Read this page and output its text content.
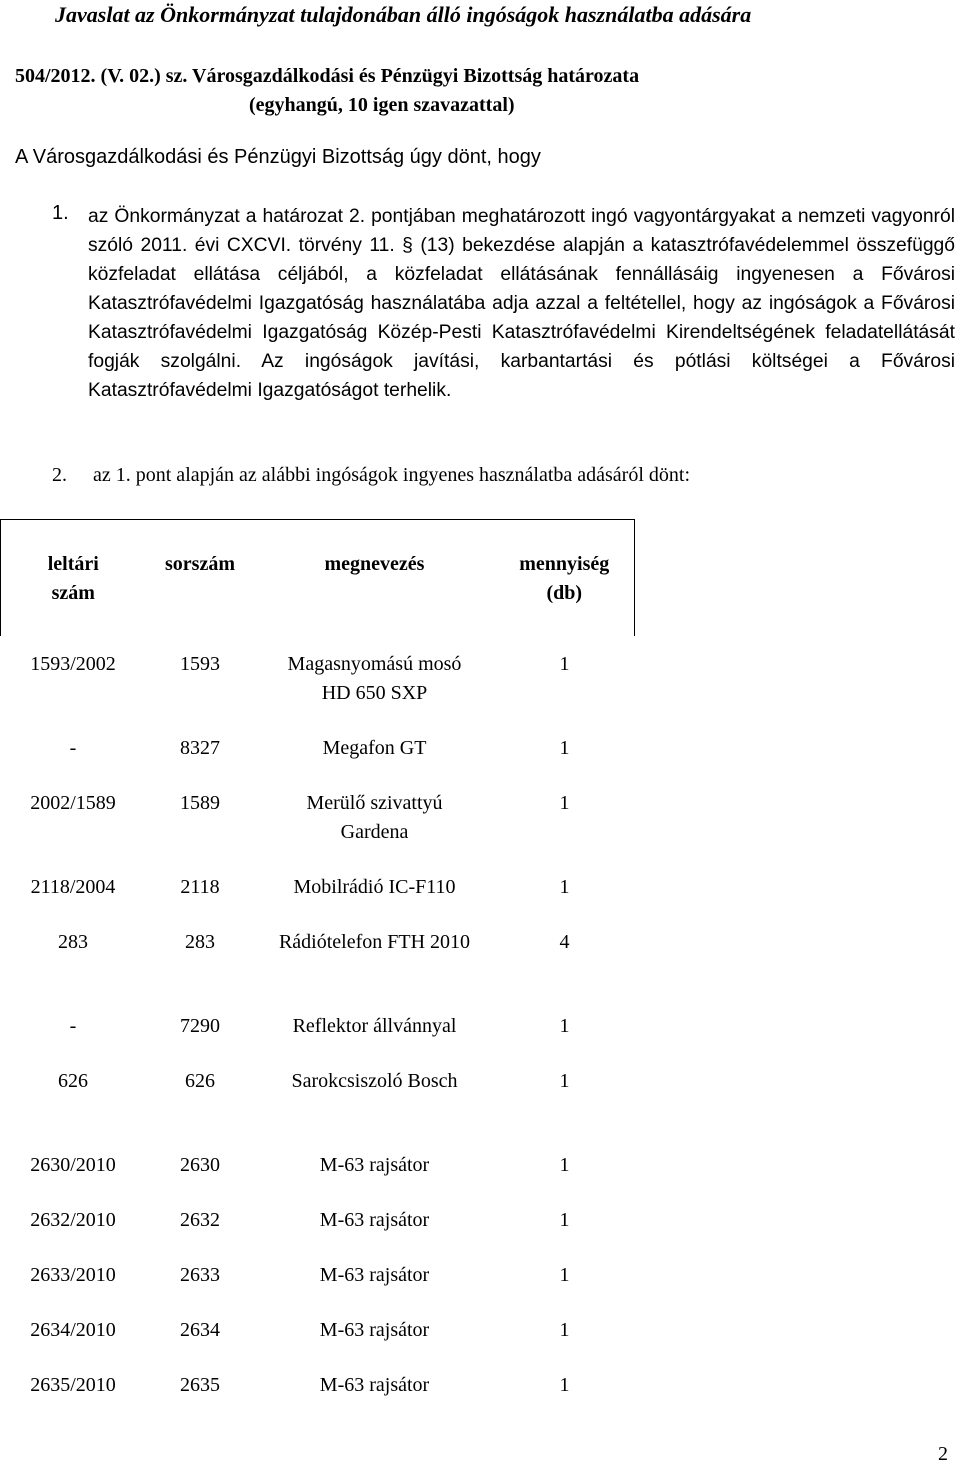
Javaslat az Önkormányzat tulajdonában álló ingóságok használatba adására
504/2012. (V. 02.) sz. Városgazdálkodási és Pénzügyi Bizottság határozata
(egyhangú, 10 igen szavazattal)
A Városgazdálkodási és Pénzügyi Bizottság úgy dönt, hogy
1. az Önkormányzat a határozat 2. pontjában meghatározott ingó vagyontárgyakat a nemzeti vagyonról szóló 2011. évi CXCVI. törvény 11. § (13) bekezdése alapján a katasztrófavédelemmel összefüggő közfeladat ellátása céljából, a közfeladat ellátásának fennállásáig ingyenesen a Fővárosi Katasztrófavédelmi Igazgatóság használatába adja azzal a feltétellel, hogy az ingóságok a Fővárosi Katasztrófavédelmi Igazgatóság Közép-Pesti Katasztrófavédelmi Kirendeltségének feladatellátását fogják szolgálni. Az ingóságok javítási, karbantartási és pótlási költségei a Fővárosi Katasztrófavédelmi Igazgatóságot terhelik.
2. az 1. pont alapján az alábbi ingóságok ingyenes használatba adásáról dönt:
leltári szám	sorszám	megnevezés	mennyiség (db)

1593/2002	1593	Magasnyomású mosó HD 650 SXP	1
-	8327	Megafon GT	1
2002/1589	1589	Merülő szivattyú Gardena	1
2118/2004	2118	Mobilrádió IC-F110	1
283	283	Rádiótelefon FTH 2010	4
-	7290	Reflektor állvánnyal	1
626	626	Sarokcsiszoló Bosch	1
2630/2010	2630	M-63 rajsátor	1
2632/2010	2632	M-63 rajsátor	1
2633/2010	2633	M-63 rajsátor	1
2634/2010	2634	M-63 rajsátor	1
2635/2010	2635	M-63 rajsátor	1
2
